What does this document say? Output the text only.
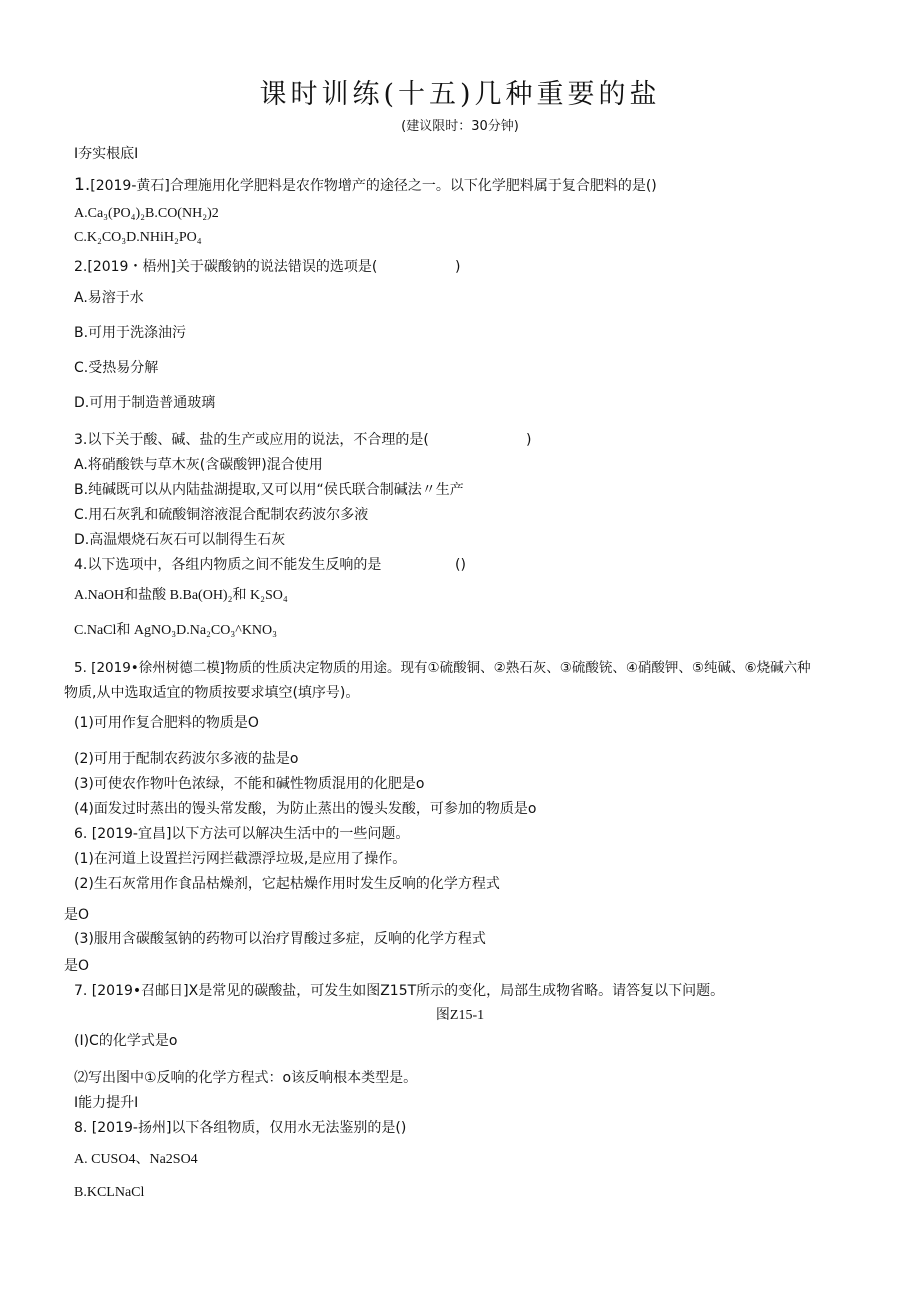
课时训练(十五)几种重要的盐
(建议限时：30分钟)
I夯实根底I
1.[2019-黄石]合理施用化学肥料是农作物增产的途径之一。以下化学肥料属于复合肥料的是()
A.Ca₃(PO₄)₂B.CO(NH₂)2
C.K₂CO₃D.NHiH₂PO₄
2.[2019・梧州]关于碳酸钠的说法错误的选项是(	)
A.易溶于水
B.可用于洗涤油污
C.受热易分解
D.可用于制造普通玻璃
3.以下关于酸、碱、盐的生产或应用的说法，不合理的是(	)
A.将硝酸铁与草木灰(含碳酸钾)混合使用
B.纯碱既可以从内陆盐湖提取,又可以用“侯氏联合制碱法〃生产
C.用石灰乳和硫酸铜溶液混合配制农药波尔多液
D.高温煨烧石灰石可以制得生石灰
4.以下选项中，各组内物质之间不能发生反响的是	()
A.NaOH和盐酸 B.Ba(OH)₂和 K₂SO₄
C.NaCl和 AgNO₃D.Na₂CO₃^KNO₃
5. [2019•徐州树德二模]物质的性质决定物质的用途。现有①硫酸铜、②熟石灰、③硫酸铳、④硝酸钾、⑤纯碱、⑥烧碱六种
物质,从中选取适宜的物质按要求填空(填序号)。
(1)可用作复合肥料的物质是O
(2)可用于配制农药波尔多液的盐是o
(3)可使农作物叶色浓绿，不能和碱性物质混用的化肥是o
(4)面发过时蒸出的馒头常发酸，为防止蒸出的馒头发酸，可参加的物质是o
6. [2019-宜昌]以下方法可以解决生活中的一些问题。
(1)在河道上设置拦污网拦截漂浮垃圾,是应用了操作。
(2)生石灰常用作食品枯燥剂，它起枯燥作用时发生反响的化学方程式
是O
(3)服用含碳酸氢钠的药物可以治疗胃酸过多症，反响的化学方程式
是O
7. [2019•召邮日]X是常见的碳酸盐，可发生如图Z15T所示的变化，局部生成物省略。请答复以下问题。
图Z15-1
(I)C的化学式是o
⑵写出图中①反响的化学方程式：o该反响根本类型是。
I能力提升I
8. [2019-扬州]以下各组物质，仅用水无法鉴别的是()
A. CUSO4、Na2SO4
B.KCLNaCl
